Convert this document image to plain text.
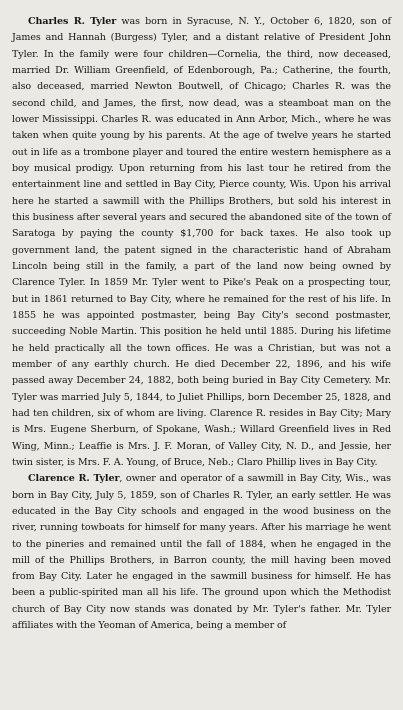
Charles R. Tyler was born in Syracuse, N. Y., October 6, 1820, son of James and Hannah (Burgess) Tyler, and a distant relative of President John Tyler. In the family were four children—Cornelia, the third, now deceased, married Dr. William Greenfield, of Edenborough, Pa.; Catherine, the fourth, also deceased, married Newton Boutwell, of Chicago; Charles R. was the second child, and James, the first, now dead, was a steamboat man on the lower Mississippi. Charles R. was educated in Ann Arbor, Mich., where he was taken when quite young by his parents. At the age of twelve years he started out in life as a trombone player and toured the entire western hemisphere as a boy musical prodigy. Upon returning from his last tour he retired from the entertainment line and settled in Bay City, Pierce county, Wis. Upon his arrival here he started a sawmill with the Phillips Brothers, but sold his interest in this business after several years and secured the abandoned site of the town of Saratoga by paying the county $1,700 for back taxes. He also took up government land, the patent signed in the characteristic hand of Abraham Lincoln being still in the family, a part of the land now being owned by Clarence Tyler. In 1859 Mr. Tyler went to Pike's Peak on a prospecting tour, but in 1861 returned to Bay City, where he remained for the rest of his life. In 1855 he was appointed postmaster, being Bay City's second postmaster, succeeding Noble Martin. This position he held until 1885. During his lifetime he held practically all the town offices. He was a Christian, but was not a member of any earthly church. He died December 22, 1896, and his wife passed away December 24, 1882, both being buried in Bay City Cemetery. Mr. Tyler was married July 5, 1844, to Juliet Phillips, born December 25, 1828, and had ten children, six of whom are living. Clarence R. resides in Bay City; Mary is Mrs. Eugene Sherburn, of Spokane, Wash.; Willard Greenfield lives in Red Wing, Minn.; Leaffie is Mrs. J. F. Moran, of Valley City, N. D., and Jessie, her twin sister, is Mrs. F. A. Young, of Bruce, Neb.; Claro Phillip lives in Bay City.

Clarence R. Tyler, owner and operator of a sawmill in Bay City, Wis., was born in Bay City, July 5, 1859, son of Charles R. Tyler, an early settler. He was educated in the Bay City schools and engaged in the wood business on the river, running towboats for himself for many years. After his marriage he went to the pineries and remained until the fall of 1884, when he engaged in the mill of the Phillips Brothers, in Barron county, the mill having been moved from Bay City. Later he engaged in the sawmill business for himself. He has been a public-spirited man all his life. The ground upon which the Methodist church of Bay City now stands was donated by Mr. Tyler's father. Mr. Tyler affiliates with the Yeoman of America, being a member of
